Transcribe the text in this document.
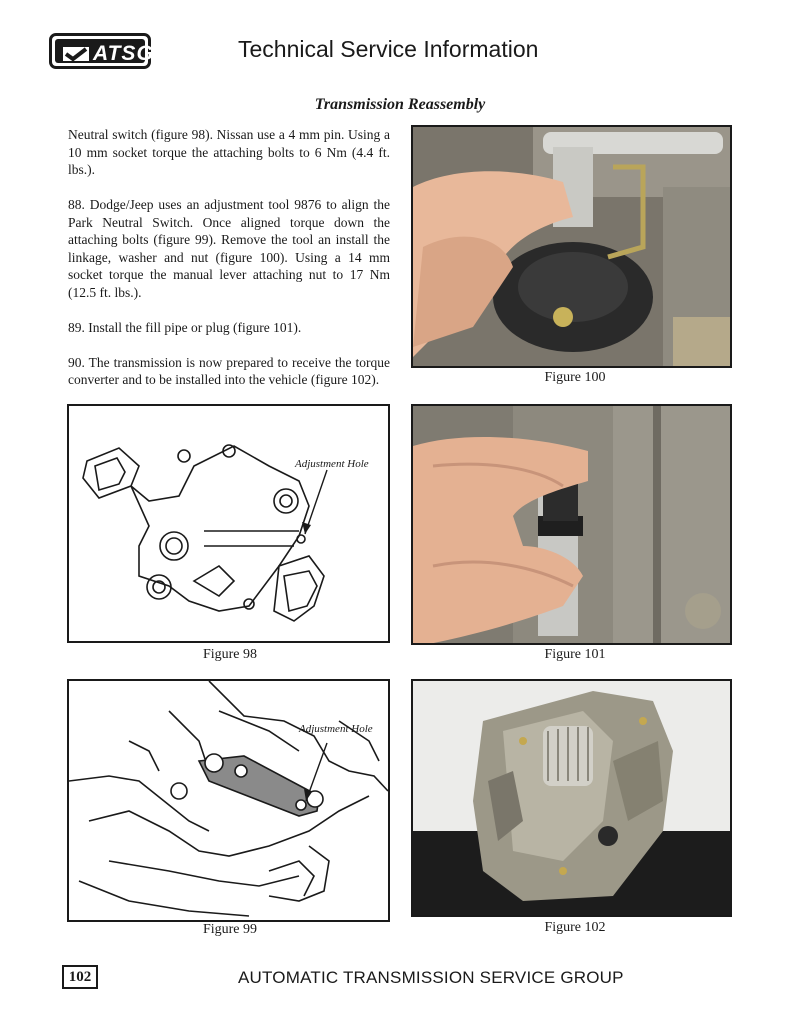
ATSG	Technical Service Information
Transmission Reassembly

Neutral switch (figure 98). Nissan use a 4 mm pin. Using a 10 mm socket torque the attaching bolts to 6 Nm (4.4 ft. lbs.).

88. Dodge/Jeep uses an adjustment tool 9876 to align the Park Neutral Switch. Once aligned torque down the attaching bolts (figure 99). Remove the tool an install the linkage, washer and nut (figure 100). Using a 14 mm socket torque the manual lever attaching nut to 17 Nm (12.5 ft. lbs.).

89. Install the fill pipe or plug (figure 101).

90. The transmission is now prepared to receive the torque converter and to be installed into the vehicle (figure 102).	Figure 100
Adjustment Hole
Figure 98	Figure 101
Adjustment Hole
Figure 99	Figure 102
102	AUTOMATIC TRANSMISSION SERVICE GROUP
